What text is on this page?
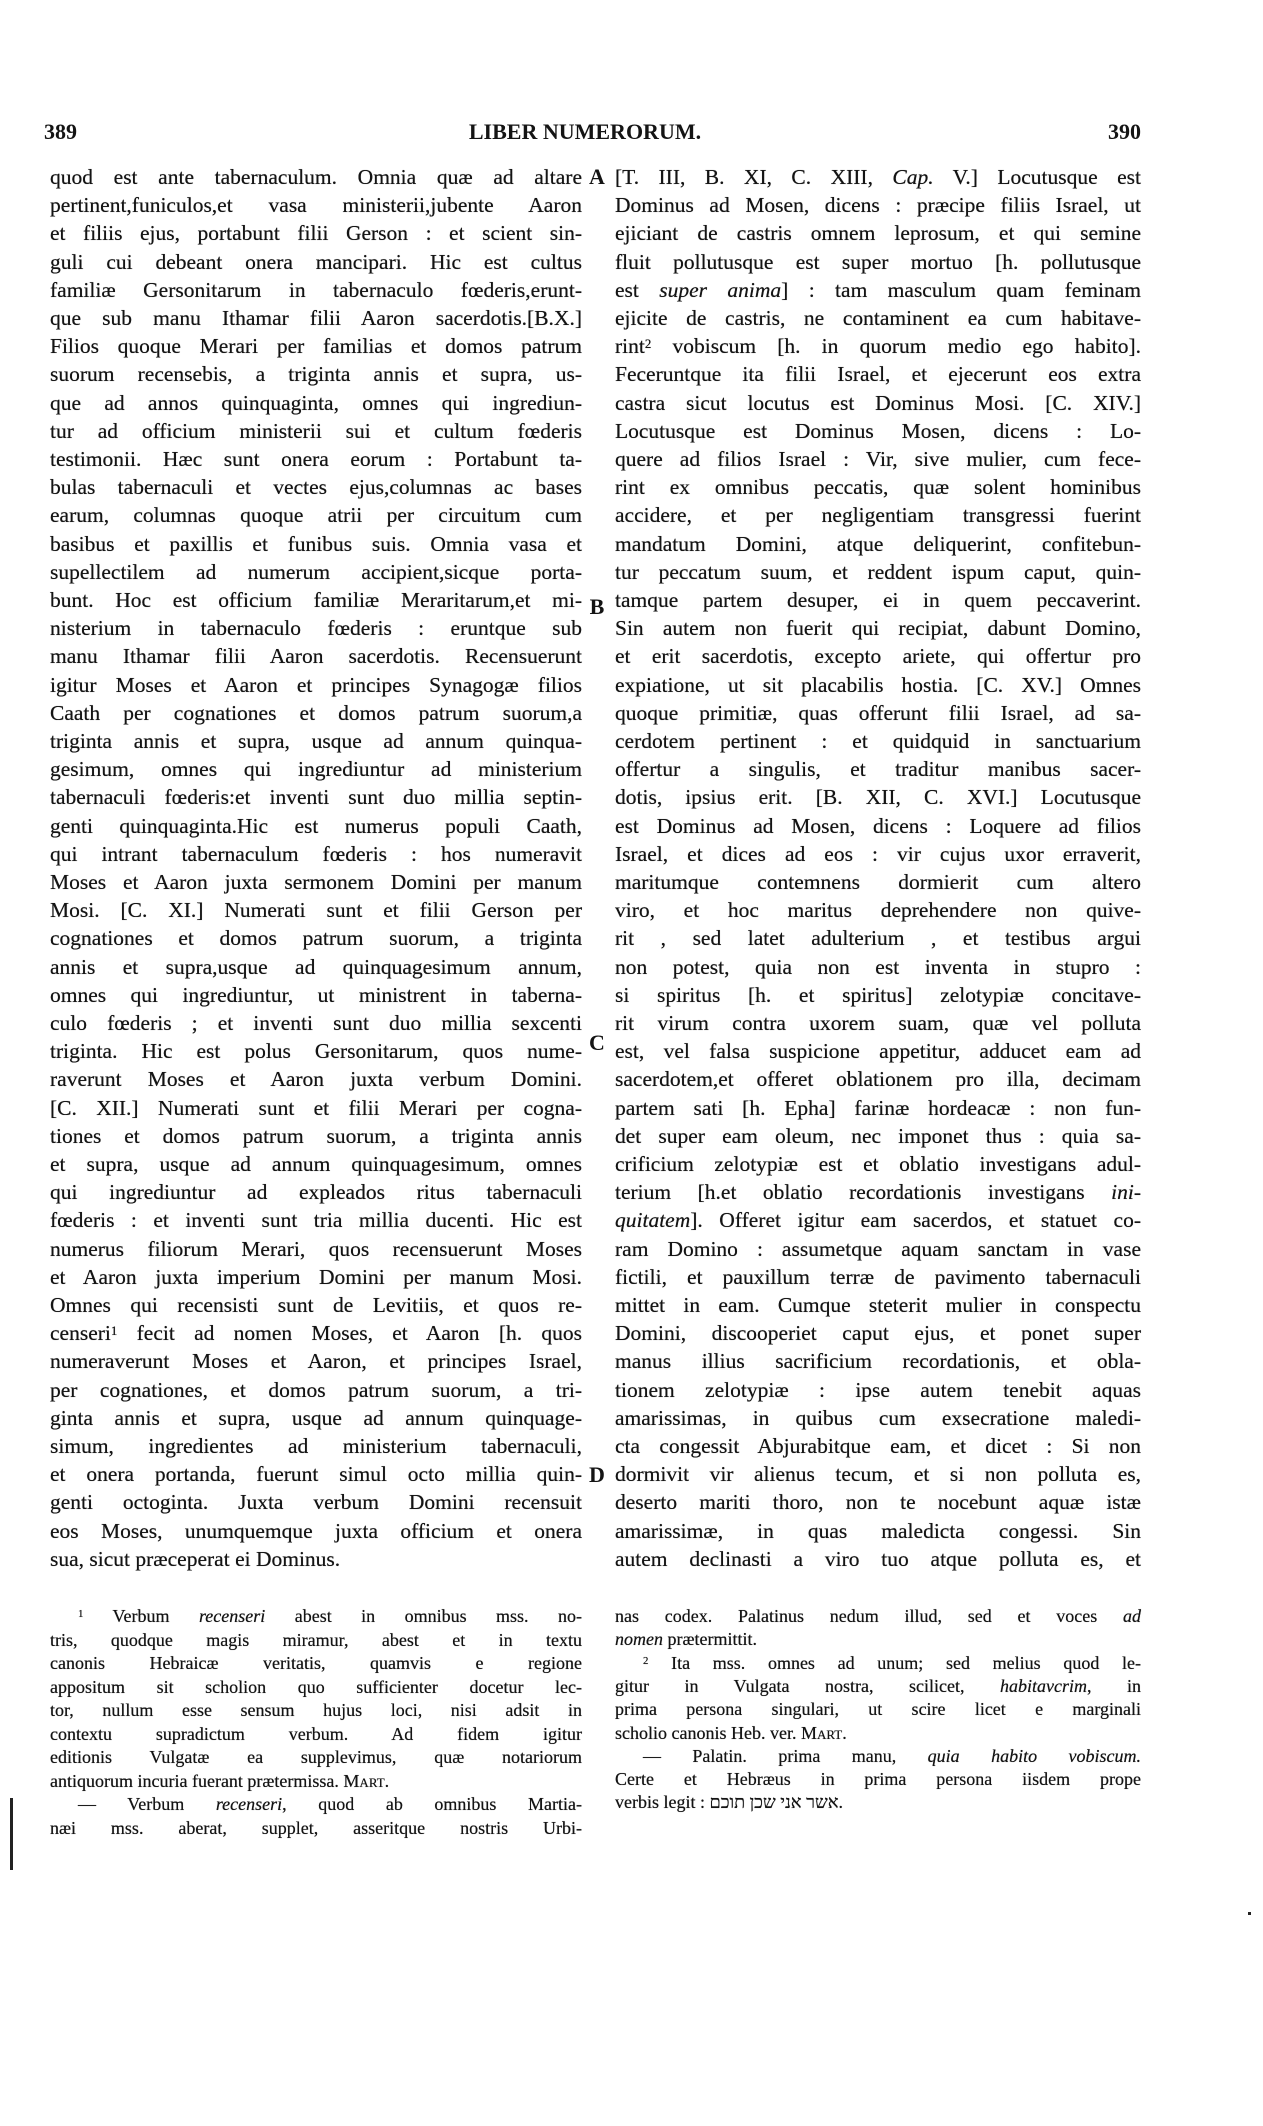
389	LIBER NUMERORUM.	390
quod est ante tabernaculum. Omnia quæ ad altare
pertinent,funiculos,et vasa ministerii,jubente Aaron
et filiis ejus, portabunt filii Gerson : et scient sin-
guli cui debeant onera mancipari. Hic est cultus
familiæ Gersonitarum in tabernaculo fœderis,erunt-
que sub manu Ithamar filii Aaron sacerdotis.[B.X.]
Filios quoque Merari per familias et domos patrum
suorum recensebis, a triginta annis et supra, us-
que ad annos quinquaginta, omnes qui ingrediun-
tur ad officium ministerii sui et cultum fœderis
testimonii. Hæc sunt onera eorum : Portabunt ta-
bulas tabernaculi et vectes ejus,columnas ac bases
earum, columnas quoque atrii per circuitum cum
basibus et paxillis et funibus suis. Omnia vasa et
supellectilem ad numerum accipient,sicque porta-
bunt. Hoc est officium familiæ Meraritarum,et mi-
nisterium in tabernaculo fœderis : eruntque sub
manu Ithamar filii Aaron sacerdotis. Recensuerunt
igitur Moses et Aaron et principes Synagogæ filios
Caath per cognationes et domos patrum suorum,a
triginta annis et supra, usque ad annum quinqua-
gesimum, omnes qui ingrediuntur ad ministerium
tabernaculi fœderis:et inventi sunt duo millia septin-
genti quinquaginta.Hic est numerus populi Caath,
qui intrant tabernaculum fœderis : hos numeravit
Moses et Aaron juxta sermonem Domini per manum
Mosi. [C. XI.] Numerati sunt et filii Gerson per
cognationes et domos patrum suorum, a triginta
annis et supra,usque ad quinquagesimum annum,
omnes qui ingrediuntur, ut ministrent in taberna-
culo fœderis ; et inventi sunt duo millia sexcenti
triginta. Hic est polus Gersonitarum, quos nume-
raverunt Moses et Aaron juxta verbum Domini.
[C. XII.] Numerati sunt et filii Merari per cogna-
tiones et domos patrum suorum, a triginta annis
et supra, usque ad annum quinquagesimum, omnes
qui ingrediuntur ad expleados ritus tabernaculi
fœderis : et inventi sunt tria millia ducenti. Hic est
numerus filiorum Merari, quos recensuerunt Moses
et Aaron juxta imperium Domini per manum Mosi.
Omnes qui recensisti sunt de Levitiis, et quos re-
censeri$^1$ fecit ad nomen Moses, et Aaron [h. quos
numeraverunt Moses et Aaron, et principes Israel,
per cognationes, et domos patrum suorum, a tri-
ginta annis et supra, usque ad annum quinquage-
simum, ingredientes ad ministerium tabernaculi,
et onera portanda, fuerunt simul octo millia quin-
genti octoginta. Juxta verbum Domini recensuit
eos Moses, unumquemque juxta officium et onera
sua, sicut præceperat ei Dominus.
[T. III, B. XI, C. XIII, Cap. V.] Locutusque est
Dominus ad Mosen, dicens : præcipe filiis Israel, ut
ejiciant de castris omnem leprosum, et qui semine
fluit pollutusque est super mortuo [h. pollutusque
est super anima] : tam masculum quam feminam
ejicite de castris, ne contaminent ea cum habitave-
rint$^2$ vobiscum [h. in quorum medio ego habito].
Feceruntque ita filii Israel, et ejecerunt eos extra
castra sicut locutus est Dominus Mosi. [C. XIV.]
Locutusque est Dominus Mosen, dicens : Lo-
quere ad filios Israel : Vir, sive mulier, cum fece-
rint ex omnibus peccatis, quæ solent hominibus
accidere, et per negligentiam transgressi fuerint
mandatum Domini, atque deliquerint, confitebun-
tur peccatum suum, et reddent ispum caput, quin-
tamque partem desuper, ei in quem peccaverint.
Sin autem non fuerit qui recipiat, dabunt Domino,
et erit sacerdotis, excepto ariete, qui offertur pro
expiatione, ut sit placabilis hostia. [C. XV.] Omnes
quoque primitiæ, quas offerunt filii Israel, ad sa-
cerdotem pertinent : et quidquid in sanctuarium
offertur a singulis, et traditur manibus sacer-
dotis, ipsius erit. [B. XII, C. XVI.] Locutusque
est Dominus ad Mosen, dicens : Loquere ad filios
Israel, et dices ad eos : vir cujus uxor erraverit,
maritumque contemnens dormierit cum altero
viro, et hoc maritus deprehendere non quive-
rit , sed latet adulterium , et testibus argui
non potest, quia non est inventa in stupro :
si spiritus [h. et spiritus] zelotypiæ concitave-
rit virum contra uxorem suam, quæ vel polluta
est, vel falsa suspicione appetitur, adducet eam ad
sacerdotem,et offeret oblationem pro illa, decimam
partem sati [h. Epha] farinæ hordeacæ : non fun-
det super eam oleum, nec imponet thus : quia sa-
crificium zelotypiæ est et oblatio investigans adul-
terium [h.et oblatio recordationis investigans ini-
quitatem]. Offeret igitur eam sacerdos, et statuet co-
ram Domino : assumetque aquam sanctam in vase
fictili, et pauxillum terræ de pavimento tabernaculi
mittet in eam. Cumque steterit mulier in conspectu
Domini, discooperiet caput ejus, et ponet super
manus illius sacrificium recordationis, et obla-
tionem zelotypiæ : ipse autem tenebit aquas
amarissimas, in quibus cum exsecratione maledi-
cta congessit Abjurabitque eam, et dicet : Si non
dormivit vir alienus tecum, et si non polluta es,
deserto mariti thoro, non te nocebunt aquæ istæ
amarissimæ, in quas maledicta congessi. Sin
autem declinasti a viro tuo atque polluta es, et
$^1$ Verbum recenseri abest in omnibus mss. no-
tris, quodque magis miramur, abest et in textu
canonis Hebraicæ veritatis, quamvis e regione
appositum sit scholion quo sufficienter docetur lec-
tor, nullum esse sensum hujus loci, nisi adsit in
contextu supradictum verbum. Ad fidem igitur
editionis Vulgatæ ea supplevimus, quæ notariorum
antiquorum incuria fuerant prætermissa. Mart.
— Verbum recenseri, quod ab omnibus Martia-
næi mss. aberat, supplet, asseritque nostris Urbi-
nas codex. Palatinus nedum illud, sed et voces ad
nomen prætermittit.
$^2$ Ita mss. omnes ad unum; sed melius quod le-
gitur in Vulgata nostra, scilicet, habitavcrim, in
prima persona singulari, ut scire licet e marginali
scholio canonis Heb. ver. Mart.
— Palatin. prima manu, quia habito vobiscum.
Certe et Hebræus in prima persona iisdem prope
verbis legit : אשר אני שכן תוכם.
A
B
C
D
